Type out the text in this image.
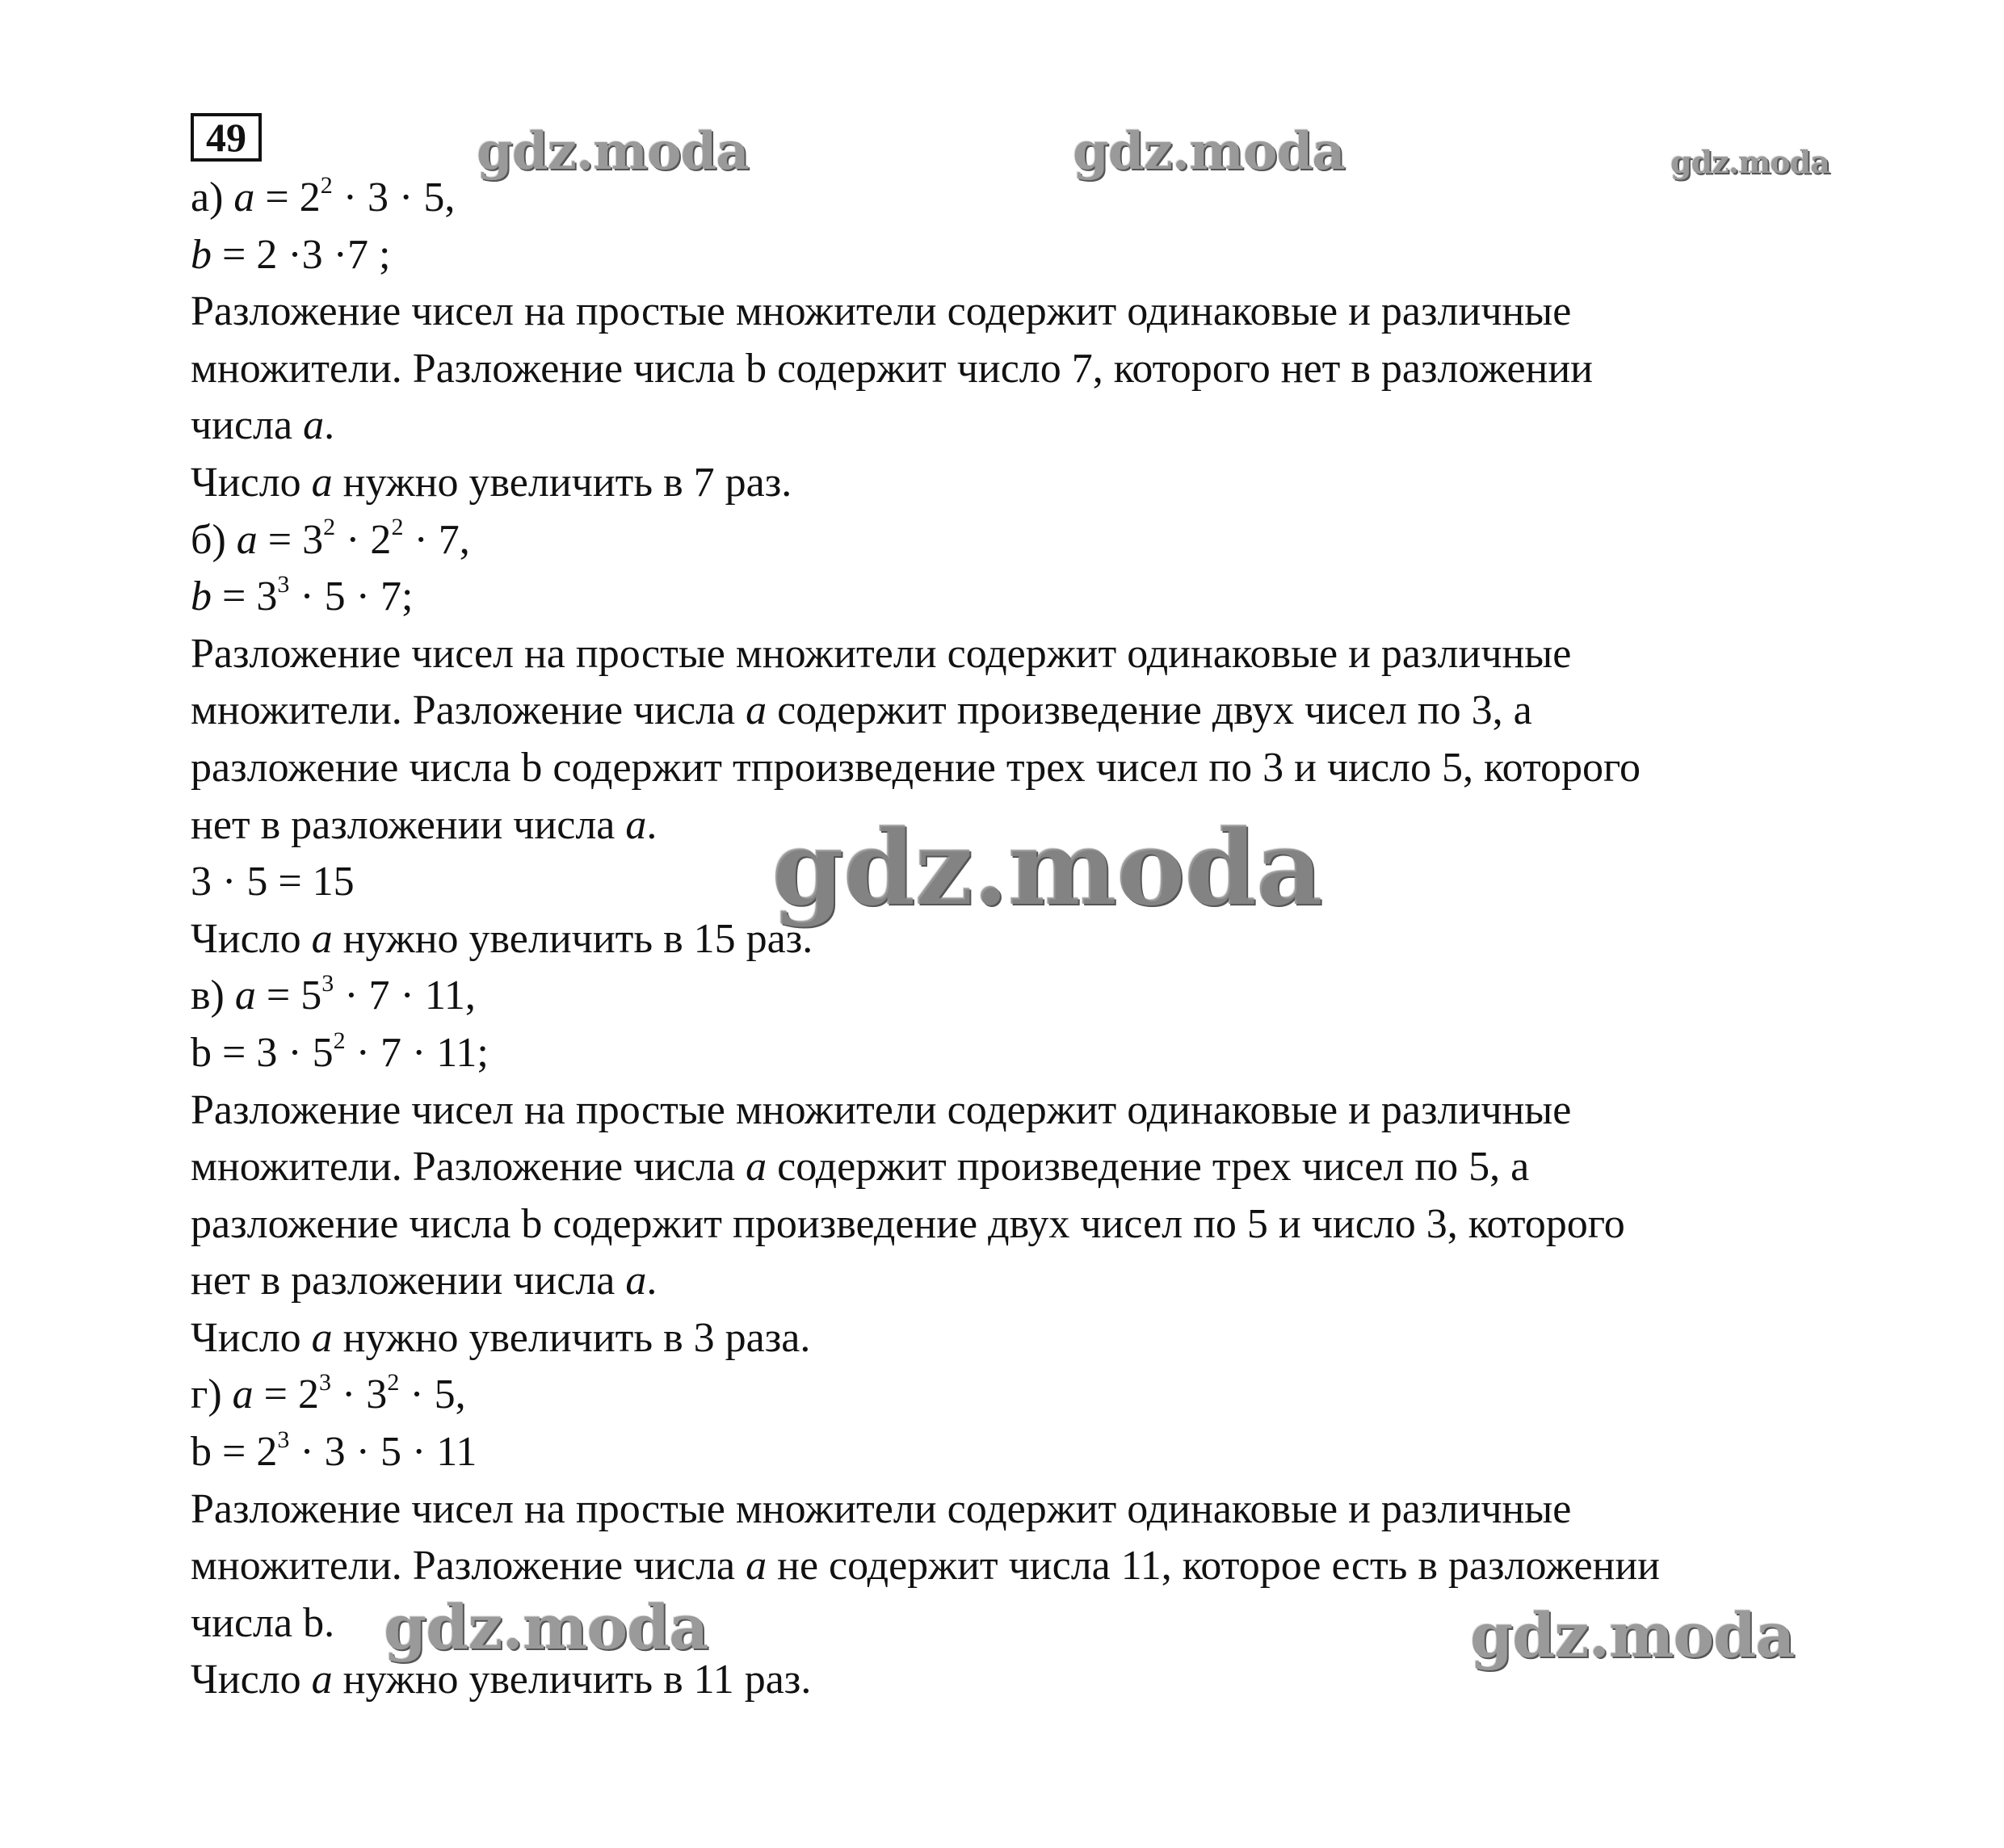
49
а) $a = 2^2 \cdot 3 \cdot 5$,
b = 2 ·3 ·7 ;
Разложение чисел на простые множители содержит одинаковые и различные
множители. Разложение числа b содержит число 7, которого нет в разложении
числа a.
Число a нужно увеличить в 7 раз.
б) $a = 3^2 \cdot 2^2 \cdot 7$,
$b = 3^3 \cdot 5 \cdot 7$;
Разложение чисел на простые множители содержит одинаковые и различные
множители. Разложение числа a содержит произведение двух чисел по 3, а
разложение числа b содержит тпроизведение трех чисел по 3 и число 5, которого
нет в разложении числа a.
3 · 5 = 15
Число a нужно увеличить в 15 раз.
в) $a = 5^3 \cdot 7 \cdot 11$,
$b = 3 \cdot 5^2 \cdot 7 \cdot 11$;
Разложение чисел на простые множители содержит одинаковые и различные
множители. Разложение числа a содержит произведение трех чисел по 5, а
разложение числа b содержит произведение двух чисел по 5 и число 3, которого
нет в разложении числа a.
Число a нужно увеличить в 3 раза.
г) $a = 2^3 \cdot 3^2 \cdot 5$,
$b = 2^3 \cdot 3 \cdot 5 \cdot 11$
Разложение чисел на простые множители содержит одинаковые и различные
множители. Разложение числа a не содержит числа 11, которое есть в разложении
числа b.
Число a нужно увеличить в 11 раз.
gdz.moda	gdz.moda	gdz.moda
gdz.moda
gdz.moda	gdz.moda
